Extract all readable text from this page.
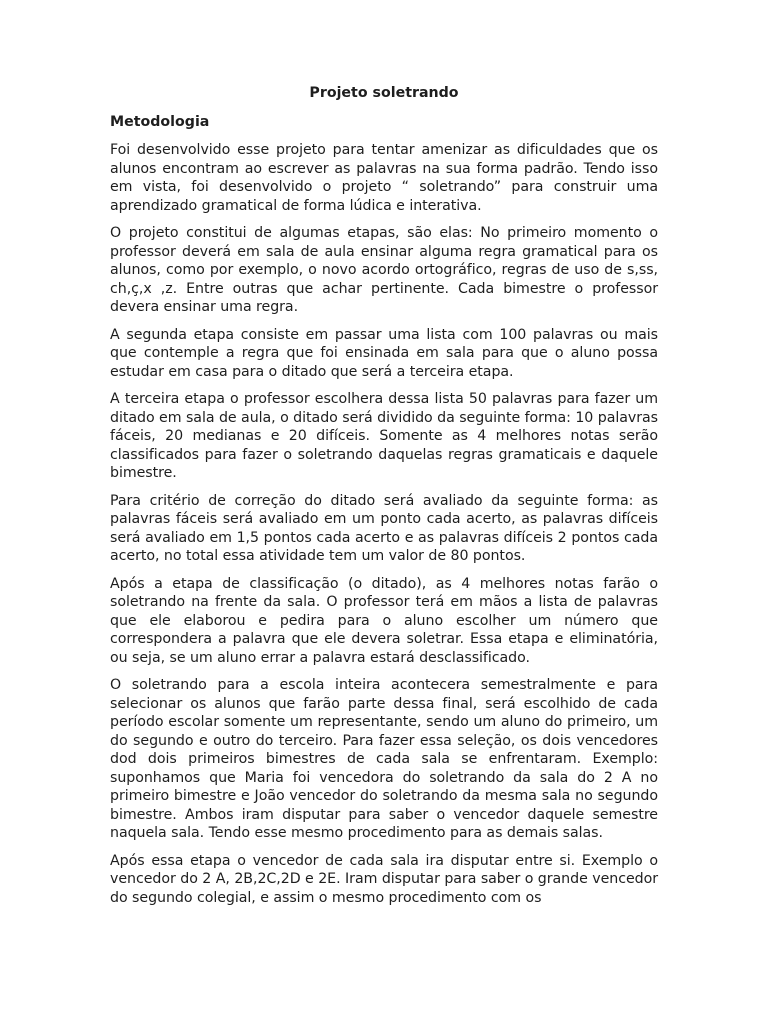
Projeto soletrando
Metodologia

Foi desenvolvido esse projeto para tentar amenizar as dificuldades que os alunos encontram ao escrever as palavras na sua forma padrão. Tendo isso em vista, foi desenvolvido o projeto “ soletrando” para construir uma aprendizado gramatical de forma lúdica e interativa.

O projeto constitui de algumas etapas, são elas: No primeiro momento o professor deverá em sala de aula ensinar alguma regra gramatical para os alunos, como por exemplo, o novo acordo ortográfico, regras de uso de s,ss, ch,ç,x ,z. Entre outras que achar pertinente. Cada bimestre o professor devera ensinar uma regra.

A segunda etapa consiste em passar uma lista com 100 palavras ou mais que contemple a regra que foi ensinada em sala para que o aluno possa estudar em casa para o ditado que será a terceira etapa.

A terceira etapa o professor escolhera dessa lista 50 palavras para fazer um ditado em sala de aula, o ditado será dividido da seguinte forma: 10 palavras fáceis, 20 medianas e 20 difíceis. Somente as 4 melhores notas serão classificados para fazer o soletrando daquelas regras gramaticais e daquele bimestre.

Para critério de correção do ditado será avaliado da seguinte forma: as palavras fáceis será avaliado em um ponto cada acerto, as palavras difíceis será avaliado em 1,5 pontos cada acerto e as palavras difíceis 2 pontos cada acerto, no total essa atividade tem um valor de 80 pontos.

Após a etapa de classificação (o ditado), as 4 melhores notas farão o soletrando na frente da sala. O professor terá em mãos a lista de palavras que ele elaborou e pedira para o aluno escolher um número que correspondera a palavra que ele devera soletrar. Essa etapa e eliminatória, ou seja, se um aluno errar a palavra estará desclassificado.

O soletrando para a escola inteira acontecera semestralmente e para selecionar os alunos que farão parte dessa final, será escolhido de cada período escolar somente um representante, sendo um aluno do primeiro, um do segundo e outro do terceiro. Para fazer essa seleção, os dois vencedores dod dois primeiros bimestres de cada sala se enfrentaram. Exemplo: suponhamos que Maria foi vencedora do soletrando da sala do 2 A no primeiro bimestre e João vencedor do soletrando da mesma sala no segundo bimestre. Ambos iram disputar para saber o vencedor daquele semestre naquela sala. Tendo esse mesmo procedimento para as demais salas.

Após essa etapa o vencedor de cada sala ira disputar entre si. Exemplo o vencedor do 2 A, 2B,2C,2D e 2E. Iram disputar para saber o grande vencedor do segundo colegial, e assim o mesmo procedimento com os
